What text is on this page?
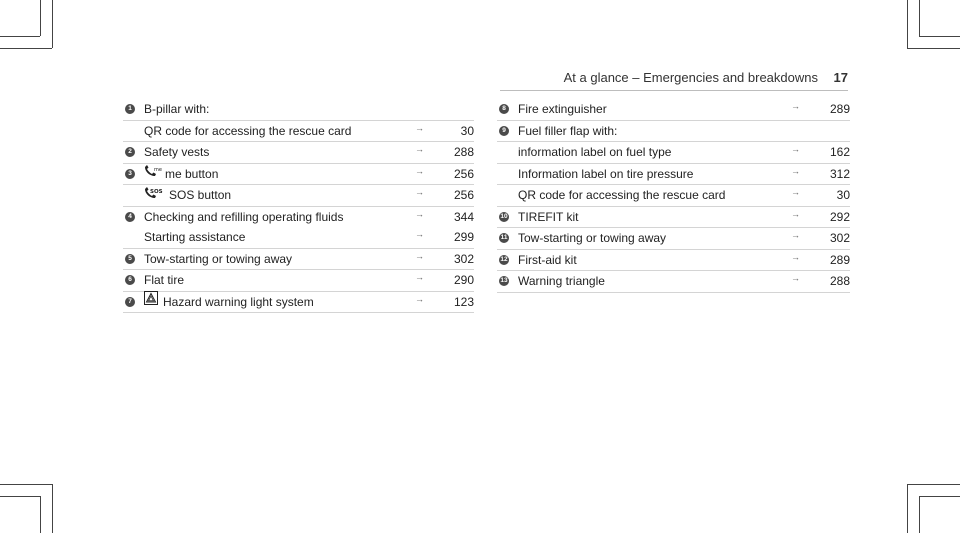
At a glance – Emergencies and breakdowns 17
1 B-pillar with:
QR code for accessing the rescue card	→	30
2 Safety vests	→ 288
3	me me button	→ 256
SOS SOS button	→ 256
4 Checking and refilling operating fluids	→ 344
Starting assistance	→ 299
5 Tow-starting or towing away	→ 302
6 Flat tire	→ 290
7	Hazard warning light system	→ 123
8 Fire extinguisher	→ 289
9 Fuel filler flap with:
information label on fuel type	→ 162
Information label on tire pressure	→ 312
QR code for accessing the rescue card	→	30
10 TIREFIT kit	→ 292
11 Tow-starting or towing away	→ 302
12 First-aid kit	→ 289
13 Warning triangle	→ 288
